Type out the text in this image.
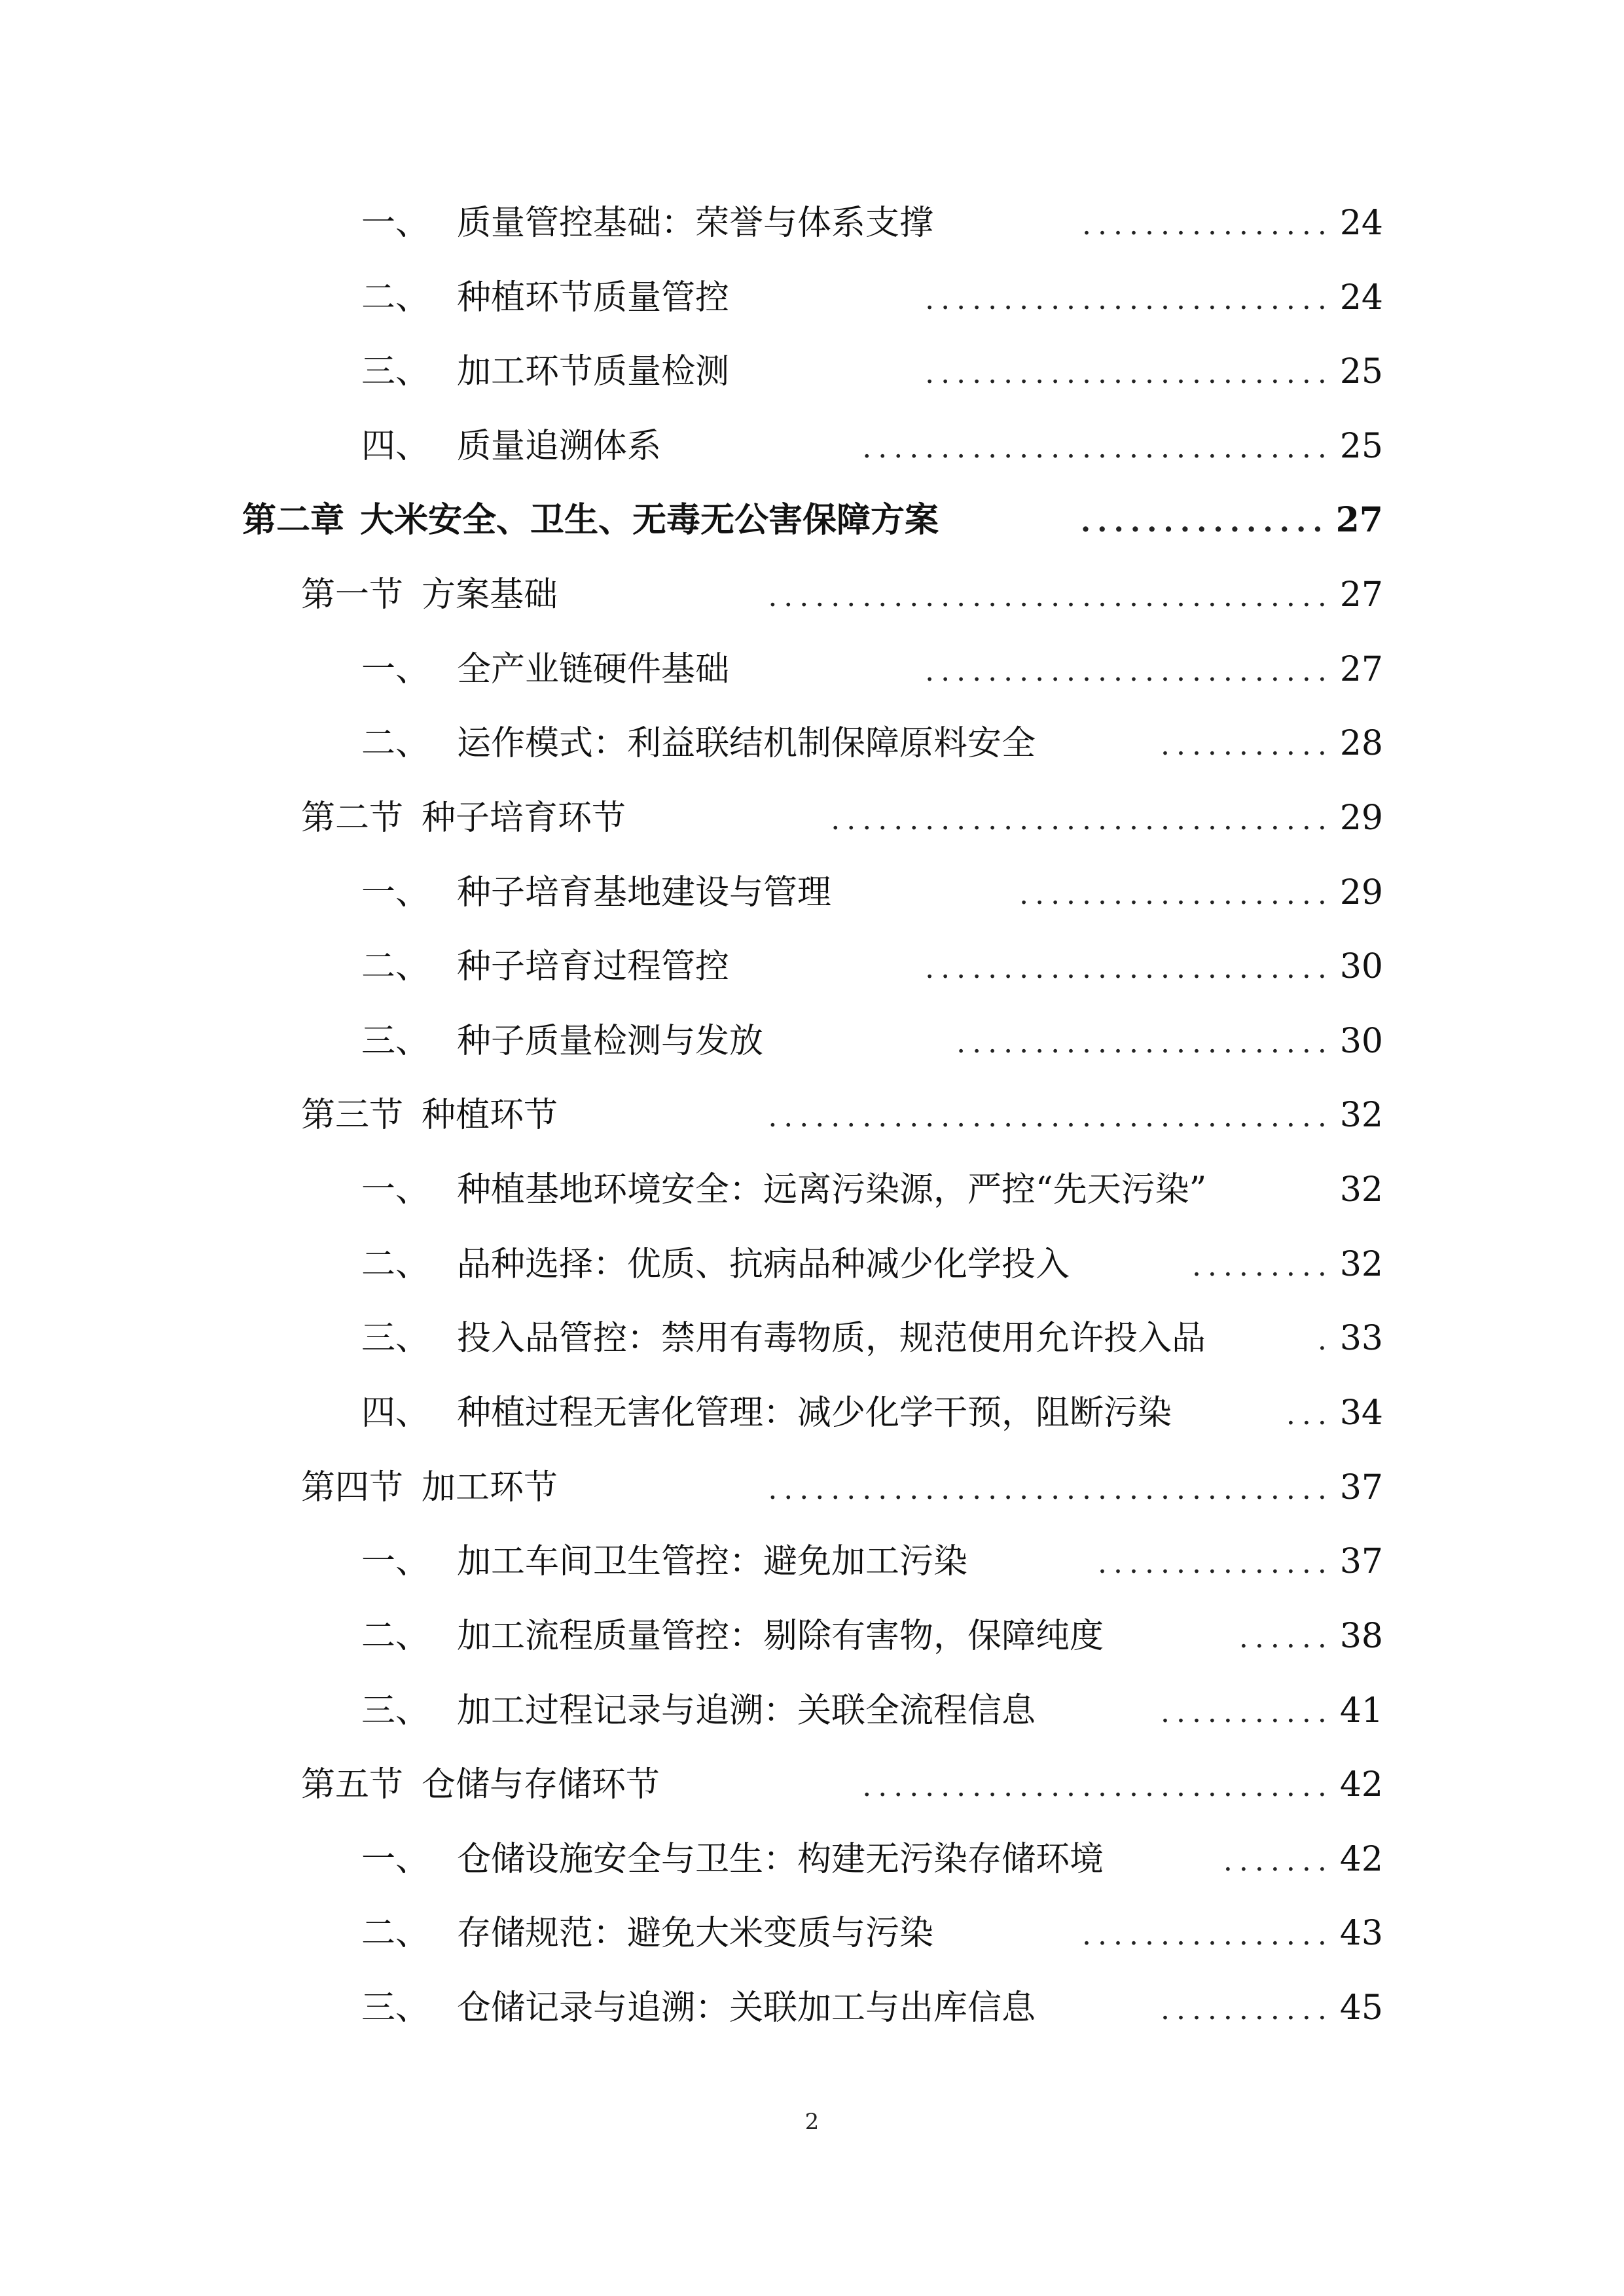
一、 质量管控基础：荣誉与体系支撑	................ 24
二、 种植环节质量管控	.......................... 24
三、 加工环节质量检测	.......................... 25
四、 质量追溯体系	.............................. 25
第二章 大米安全、卫生、无毒无公害保障方案	............... 27
第一节 方案基础	.................................... 27
一、 全产业链硬件基础	.......................... 27
二、 运作模式：利益联结机制保障原料安全	........... 28
第二节 种子培育环节	................................ 29
一、 种子培育基地建设与管理	.................... 29
二、 种子培育过程管控	.......................... 30
三、 种子质量检测与发放	........................ 30
第三节 种植环节	.................................... 32
一、 种植基地环境安全：远离污染源，严控“先天污染”	32
二、 品种选择：优质、抗病品种减少化学投入	......... 32
三、 投入品管控：禁用有毒物质，规范使用允许投入品	. 33
四、 种植过程无害化管理：减少化学干预，阻断污染	... 34
第四节 加工环节	.................................... 37
一、 加工车间卫生管控：避免加工污染	............... 37
二、 加工流程质量管控：剔除有害物，保障纯度	...... 38
三、 加工过程记录与追溯：关联全流程信息	........... 41
第五节 仓储与存储环节	.............................. 42
一、 仓储设施安全与卫生：构建无污染存储环境	....... 42
二、 存储规范：避免大米变质与污染	................ 43
三、 仓储记录与追溯：关联加工与出库信息	........... 45
2
